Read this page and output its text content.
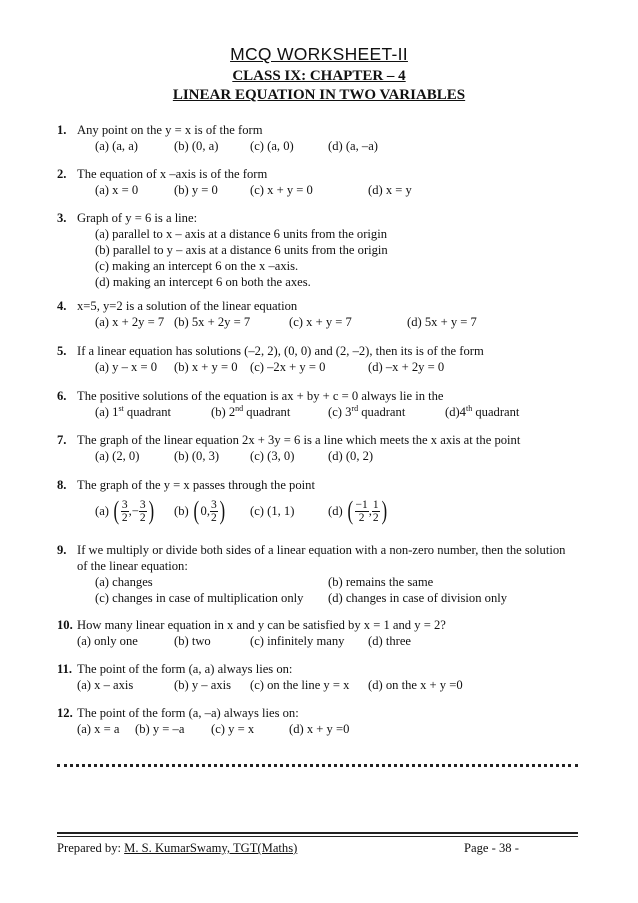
MCQ WORKSHEET-II
CLASS IX: CHAPTER – 4
LINEAR EQUATION IN TWO VARIABLES
1. Any point on the y = x is of the form
(a) (a, a)	(b) (0, a)	(c) (a, 0)	(d) (a, –a)
2. The equation of x –axis is of the form
(a) x = 0	(b) y = 0	(c) x + y = 0	(d) x = y
3. Graph of y = 6 is a line:
(a) parallel to x – axis at a distance 6 units from the origin
(b) parallel to y – axis at a distance 6 units from the origin
(c) making an intercept 6 on the x –axis.
(d) making an intercept 6 on both the axes.
4. x=5, y=2 is a solution of the linear equation
(a) x + 2y = 7 (b) 5x + 2y = 7	(c) x + y = 7	(d) 5x + y = 7
5. If a linear equation has solutions (–2, 2), (0, 0) and (2, –2), then its is of the form
(a) y – x = 0 (b) x + y = 0 (c) –2x + y = 0	(d) –x + 2y = 0
6. The positive solutions of the equation is ax + by + c = 0 always lie in the
(a) 1st quadrant	(b) 2nd quadrant	(c) 3rd quadrant	(d)4th quadrant
7. The graph of the linear equation 2x + 3y = 6 is a line which meets the x axis at the point
(a) (2, 0)	(b) (0, 3) (c) (3, 0)	(d) (0, 2)
8. The graph of the y = x passes through the point
(a) ( $\frac{3}{2}$ ,− $\frac{3}{2}$ ) (b) ( 0, $\frac{3}{2}$ ) (c) (1, 1)	(d) ( $\frac{-1}{2}$ , $\frac{1}{2}$ )
9. If we multiply or divide both sides of a linear equation with a non-zero number, then the solution
of the linear equation:
(a) changes	(b) remains the same
(c) changes in case of multiplication only (d) changes in case of division only
10. How many linear equation in x and y can be satisfied by x = 1 and y = 2?
(a) only one	(b) two	(c) infinitely many (d) three
11. The point of the form (a, a) always lies on:
(a) x – axis	(b) y – axis (c) on the line y = x (d) on the x + y =0
12. The point of the form (a, –a) always lies on:
(a) x = a (b) y = –a (c) y = x	(d) x + y =0
Prepared by: M. S. KumarSwamy, TGT(Maths)	Page - 38 -
